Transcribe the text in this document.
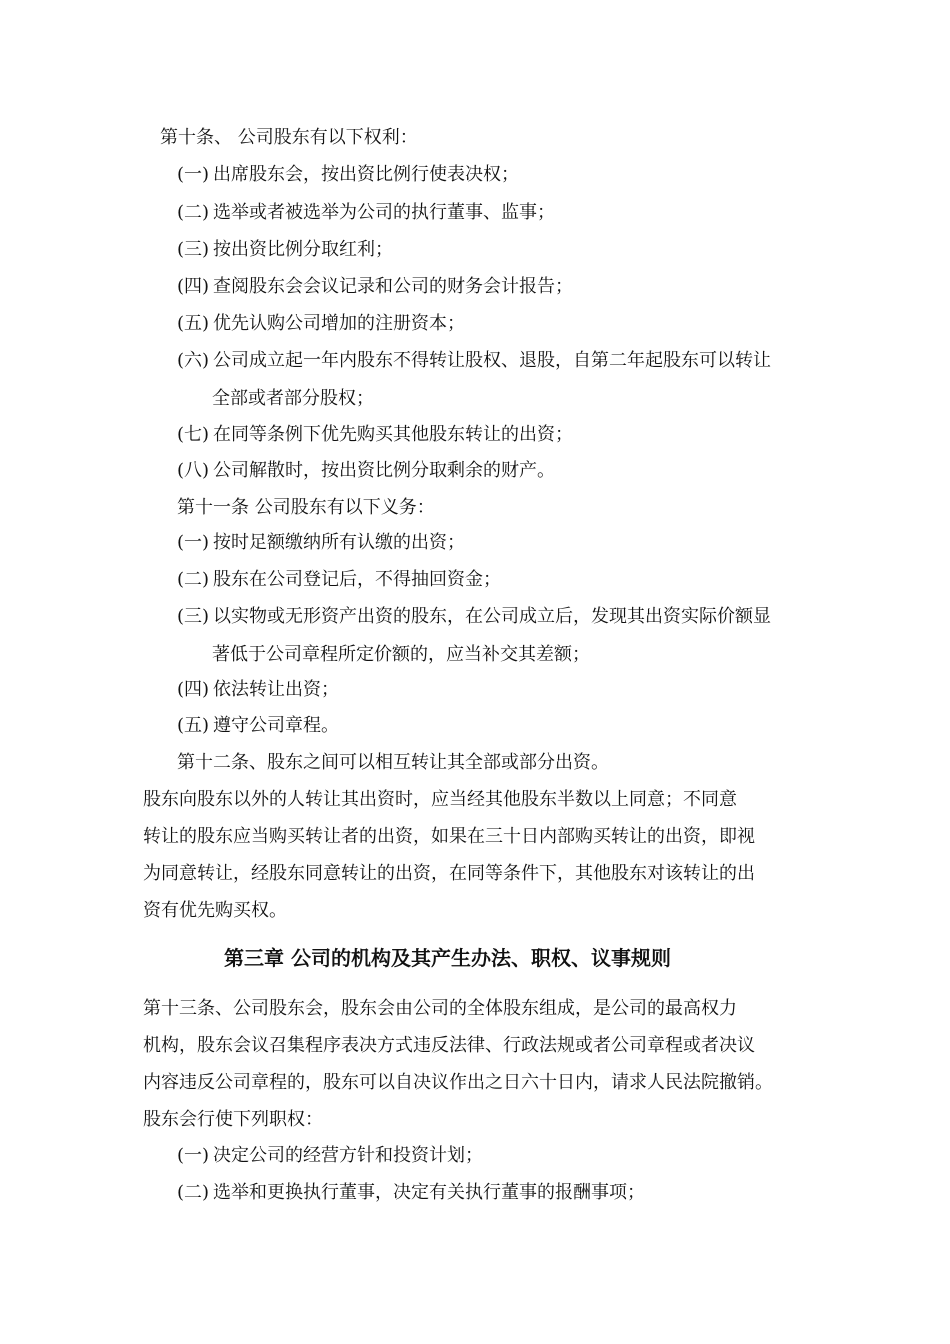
第十条、 公司股东有以下权利：
(一) 出席股东会，按出资比例行使表决权；
(二) 选举或者被选举为公司的执行董事、监事；
(三) 按出资比例分取红利；
(四) 查阅股东会会议记录和公司的财务会计报告；
(五) 优先认购公司增加的注册资本；
(六) 公司成立起一年内股东不得转让股权、退股，自第二年起股东可以转让
全部或者部分股权；
(七) 在同等条例下优先购买其他股东转让的出资；
(八) 公司解散时，按出资比例分取剩余的财产。
第十一条 公司股东有以下义务：
(一) 按时足额缴纳所有认缴的出资；
(二) 股东在公司登记后，不得抽回资金；
(三) 以实物或无形资产出资的股东，在公司成立后，发现其出资实际价额显
著低于公司章程所定价额的，应当补交其差额；
(四) 依法转让出资；
(五) 遵守公司章程。
第十二条、股东之间可以相互转让其全部或部分出资。
股东向股东以外的人转让其出资时，应当经其他股东半数以上同意；不同意
转让的股东应当购买转让者的出资，如果在三十日内部购买转让的出资，即视
为同意转让，经股东同意转让的出资，在同等条件下，其他股东对该转让的出
资有优先购买权。
第三章 公司的机构及其产生办法、职权、议事规则
第十三条、公司股东会，股东会由公司的全体股东组成，是公司的最高权力
机构，股东会议召集程序表决方式违反法律、行政法规或者公司章程或者决议
内容违反公司章程的，股东可以自决议作出之日六十日内，请求人民法院撤销。
股东会行使下列职权：
(一) 决定公司的经营方针和投资计划；
(二) 选举和更换执行董事，决定有关执行董事的报酬事项；
